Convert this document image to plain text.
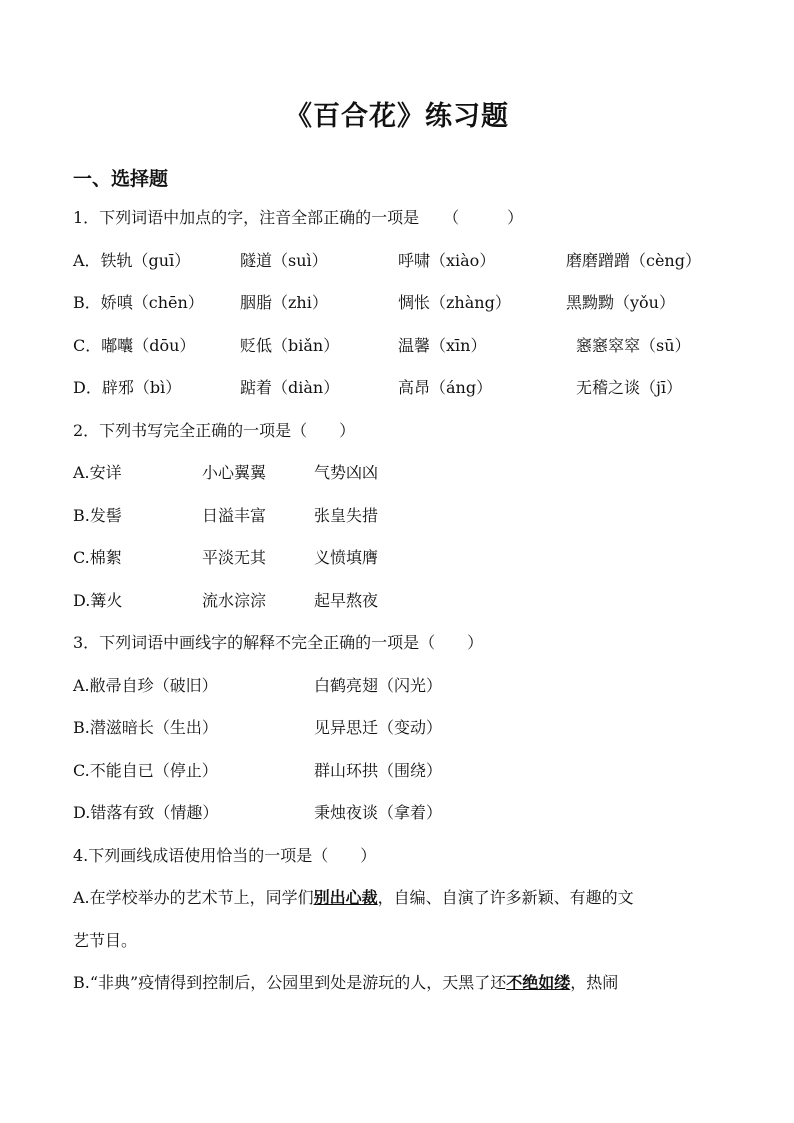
《百合花》练习题
一、选择题
1．下列词语中加点的字，注音全部正确的一项是　　（　　　）
A．铁轨（guī）	隧道（suì）	呼啸（xiào）	磨磨蹭蹭（cèng）
B．娇嗔（chēn） 胭脂（zhi）	惆怅（zhàng）	黑黝黝（yǒu）
C．嘟囔（dōu）	贬低（biǎn）	温馨（xīn）	窸窸窣窣（sū）
D．辟邪（bì）	踮着（diàn）	高昂（áng）	无稽之谈（jī）
2．下列书写完全正确的一项是（　　）
A.安详	小心翼翼	气势凶凶
B.发髻	日溢丰富	张皇失措
C.棉絮	平淡无其	义愤填膺
D.篝火	流水淙淙	起早熬夜
3．下列词语中画线字的解释不完全正确的一项是（　　）
A.敝帚自珍（破旧）	白鹤亮翅（闪光）
B.潜滋暗长（生出）	见异思迁（变动）
C.不能自已（停止）	群山环拱（围绕）
D.错落有致（情趣）	秉烛夜谈（拿着）
4.下列画线成语使用恰当的一项是（　　）
A.在学校举办的艺术节上，同学们别出心裁，自编、自演了许多新颖、有趣的文
艺节目。
B.“非典”疫情得到控制后，公园里到处是游玩的人，天黑了还不绝如缕，热闹
